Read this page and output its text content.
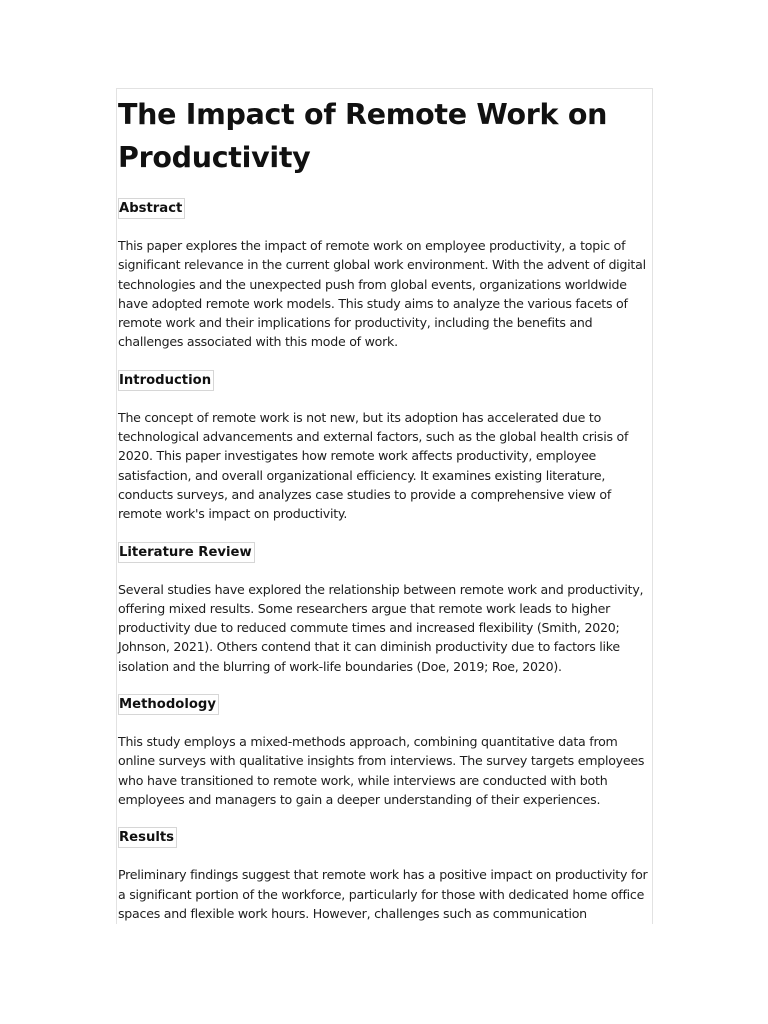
The Impact of Remote Work on Productivity
Abstract

This paper explores the impact of remote work on employee productivity, a topic of significant relevance in the current global work environment. With the advent of digital technologies and the unexpected push from global events, organizations worldwide have adopted remote work models. This study aims to analyze the various facets of remote work and their implications for productivity, including the benefits and challenges associated with this mode of work.

Introduction

The concept of remote work is not new, but its adoption has accelerated due to technological advancements and external factors, such as the global health crisis of 2020. This paper investigates how remote work affects productivity, employee satisfaction, and overall organizational efficiency. It examines existing literature, conducts surveys, and analyzes case studies to provide a comprehensive view of remote work's impact on productivity.

Literature Review

Several studies have explored the relationship between remote work and productivity, offering mixed results. Some researchers argue that remote work leads to higher productivity due to reduced commute times and increased flexibility (Smith, 2020; Johnson, 2021). Others contend that it can diminish productivity due to factors like isolation and the blurring of work-life boundaries (Doe, 2019; Roe, 2020).

Methodology

This study employs a mixed-methods approach, combining quantitative data from online surveys with qualitative insights from interviews. The survey targets employees who have transitioned to remote work, while interviews are conducted with both employees and managers to gain a deeper understanding of their experiences.

Results

Preliminary findings suggest that remote work has a positive impact on productivity for a significant portion of the workforce, particularly for those with dedicated home office spaces and flexible work hours. However, challenges such as communication
